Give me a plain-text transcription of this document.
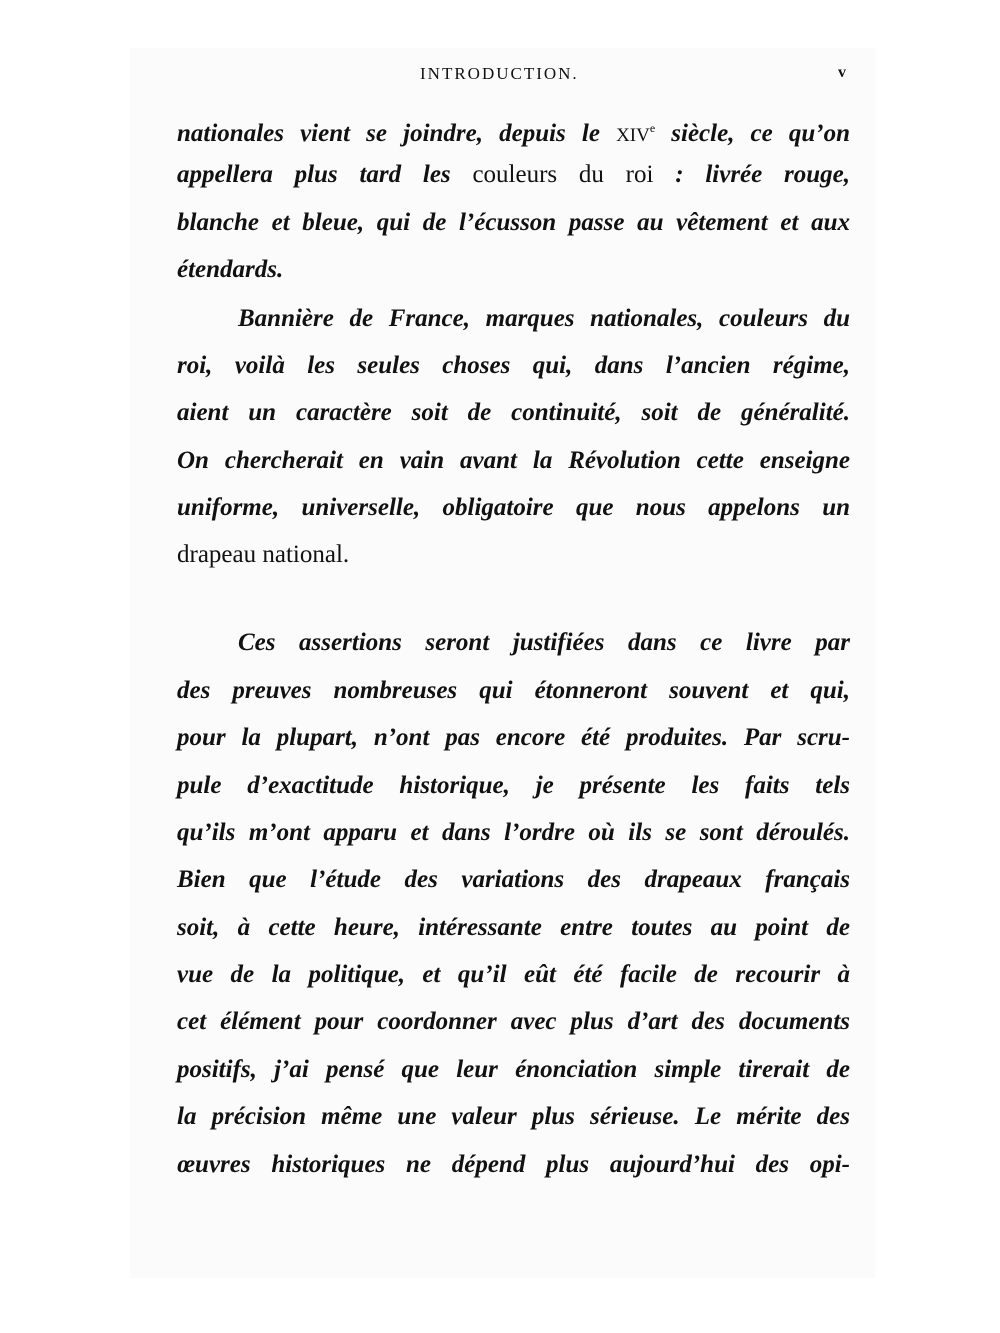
INTRODUCTION.	v
nationales vient se joindre, depuis le XIVe siècle, ce qu’on
appellera plus tard les couleurs du roi : livrée rouge,
blanche et bleue, qui de l’écusson passe au vêtement et aux
étendards.
Bannière de France, marques nationales, couleurs du
roi, voilà les seules choses qui, dans l’ancien régime,
aient un caractère soit de continuité, soit de généralité.
On chercherait en vain avant la Révolution cette enseigne
uniforme, universelle, obligatoire que nous appelons un
drapeau national.
Ces assertions seront justifiées dans ce livre par
des preuves nombreuses qui étonneront souvent et qui,
pour la plupart, n’ont pas encore été produites. Par scru-
pule d’exactitude historique, je présente les faits tels
qu’ils m’ont apparu et dans l’ordre où ils se sont déroulés.
Bien que l’étude des variations des drapeaux français
soit, à cette heure, intéressante entre toutes au point de
vue de la politique, et qu’il eût été facile de recourir à
cet élément pour coordonner avec plus d’art des documents
positifs, j’ai pensé que leur énonciation simple tirerait de
la précision même une valeur plus sérieuse. Le mérite des
œuvres historiques ne dépend plus aujourd’hui des opi-
